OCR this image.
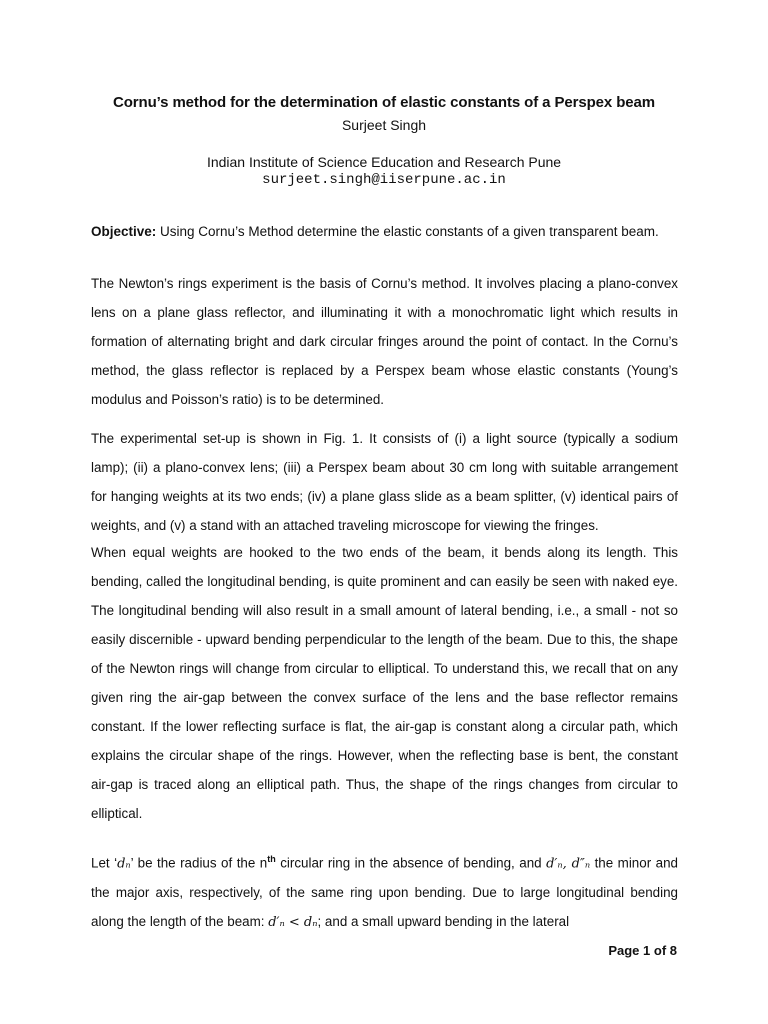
Cornu’s method for the determination of elastic constants of a Perspex beam
Surjeet Singh
Indian Institute of Science Education and Research Pune
surjeet.singh@iiserpune.ac.in
Objective: Using Cornu’s Method determine the elastic constants of a given transparent beam.

The Newton’s rings experiment is the basis of Cornu’s method. It involves placing a plano-convex lens on a plane glass reflector, and illuminating it with a monochromatic light which results in formation of alternating bright and dark circular fringes around the point of contact. In the Cornu’s method, the glass reflector is replaced by a Perspex beam whose elastic constants (Young’s modulus and Poisson’s ratio) is to be determined.

The experimental set-up is shown in Fig. 1. It consists of (i) a light source (typically a sodium lamp); (ii) a plano-convex lens; (iii) a Perspex beam about 30 cm long with suitable arrangement for hanging weights at its two ends; (iv) a plane glass slide as a beam splitter, (v) identical pairs of weights, and (v) a stand with an attached traveling microscope for viewing the fringes.

When equal weights are hooked to the two ends of the beam, it bends along its length. This bending, called the longitudinal bending, is quite prominent and can easily be seen with naked eye. The longitudinal bending will also result in a small amount of lateral bending, i.e., a small - not so easily discernible - upward bending perpendicular to the length of the beam. Due to this, the shape of the Newton rings will change from circular to elliptical. To understand this, we recall that on any given ring the air-gap between the convex surface of the lens and the base reflector remains constant. If the lower reflecting surface is flat, the air-gap is constant along a circular path, which explains the circular shape of the rings. However, when the reflecting base is bent, the constant air-gap is traced along an elliptical path. Thus, the shape of the rings changes from circular to elliptical.

Let ‘dₙ’ be the radius of the $n^{th}$ circular ring in the absence of bending, and d′ₙ, d″ₙ the minor and the major axis, respectively, of the same ring upon bending. Due to large longitudinal bending along the length of the beam: d′ₙ < dₙ; and a small upward bending in the lateral

Page 1 of 8
